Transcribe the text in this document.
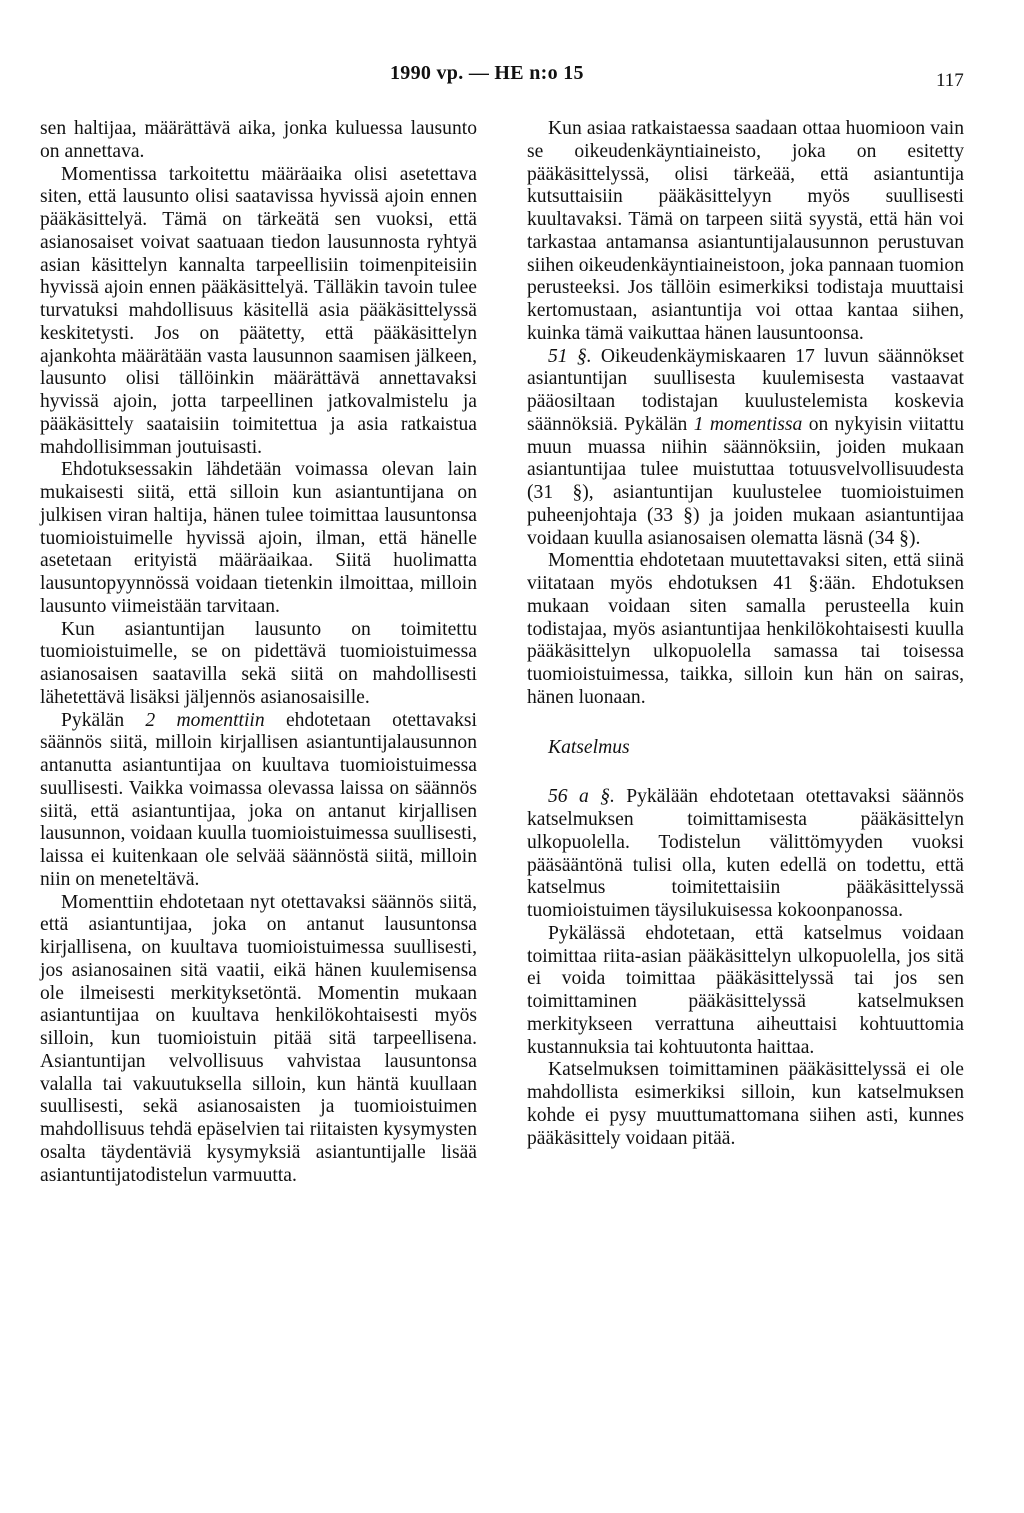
1990 vp. — HE n:o 15	117

sen haltijaa, määrättävä aika, jonka kuluessa lausunto on annettava.

Momentissa tarkoitettu määräaika olisi asetettava siten, että lausunto olisi saatavissa hyvissä ajoin ennen pääkäsittelyä. Tämä on tärkeätä sen vuoksi, että asianosaiset voivat saatuaan tiedon lausunnosta ryhtyä asian käsittelyn kannalta tarpeellisiin toimenpiteisiin hyvissä ajoin ennen pääkäsittelyä. Tälläkin tavoin tulee turvatuksi mahdollisuus käsitellä asia pääkäsittelyssä keskitetysti. Jos on päätetty, että pääkäsittelyn ajankohta määrätään vasta lausunnon saamisen jälkeen, lausunto olisi tällöinkin määrättävä annettavaksi hyvissä ajoin, jotta tarpeellinen jatkovalmistelu ja pääkäsittely saataisiin toimitettua ja asia ratkaistua mahdollisimman joutuisasti.

Ehdotuksessakin lähdetään voimassa olevan lain mukaisesti siitä, että silloin kun asiantuntijana on julkisen viran haltija, hänen tulee toimittaa lausuntonsa tuomioistuimelle hyvissä ajoin, ilman, että hänelle asetetaan erityistä määräaikaa. Siitä huolimatta lausuntopyynnössä voidaan tietenkin ilmoittaa, milloin lausunto viimeistään tarvitaan.

Kun asiantuntijan lausunto on toimitettu tuomioistuimelle, se on pidettävä tuomioistuimessa asianosaisen saatavilla sekä siitä on mahdollisesti lähetettävä lisäksi jäljennös asianosaisille.

Pykälän 2 momenttiin ehdotetaan otettavaksi säännös siitä, milloin kirjallisen asiantuntijalausunnon antanutta asiantuntijaa on kuultava tuomioistuimessa suullisesti. Vaikka voimassa olevassa laissa on säännös siitä, että asiantuntijaa, joka on antanut kirjallisen lausunnon, voidaan kuulla tuomioistuimessa suullisesti, laissa ei kuitenkaan ole selvää säännöstä siitä, milloin niin on meneteltävä.

Momenttiin ehdotetaan nyt otettavaksi säännös siitä, että asiantuntijaa, joka on antanut lausuntonsa kirjallisena, on kuultava tuomioistuimessa suullisesti, jos asianosainen sitä vaatii, eikä hänen kuulemisensa ole ilmeisesti merkityksetöntä. Momentin mukaan asiantuntijaa on kuultava henkilökohtaisesti myös silloin, kun tuomioistuin pitää sitä tarpeellisena. Asiantuntijan velvollisuus vahvistaa lausuntonsa valalla tai vakuutuksella silloin, kun häntä kuullaan suullisesti, sekä asianosaisten ja tuomioistuimen mahdollisuus tehdä epäselvien tai riitaisten kysymysten osalta täydentäviä kysymyksiä asiantuntijalle lisää asiantuntijatodistelun varmuutta.

Kun asiaa ratkaistaessa saadaan ottaa huomioon vain se oikeudenkäyntiaineisto, joka on esitetty pääkäsittelyssä, olisi tärkeää, että asiantuntija kutsuttaisiin pääkäsittelyyn myös suullisesti kuultavaksi. Tämä on tarpeen siitä syystä, että hän voi tarkastaa antamansa asiantuntijalausunnon perustuvan siihen oikeudenkäyntiaineistoon, joka pannaan tuomion perusteeksi. Jos tällöin esimerkiksi todistaja muuttaisi kertomustaan, asiantuntija voi ottaa kantaa siihen, kuinka tämä vaikuttaa hänen lausuntoonsa.

51 §. Oikeudenkäymiskaaren 17 luvun säännökset asiantuntijan suullisesta kuulemisesta vastaavat pääosiltaan todistajan kuulustelemista koskevia säännöksiä. Pykälän 1 momentissa on nykyisin viitattu muun muassa niihin säännöksiin, joiden mukaan asiantuntijaa tulee muistuttaa totuusvelvollisuudesta (31 §), asiantuntijan kuulustelee tuomioistuimen puheenjohtaja (33 §) ja joiden mukaan asiantuntijaa voidaan kuulla asianosaisen olematta läsnä (34 §).

Momenttia ehdotetaan muutettavaksi siten, että siinä viitataan myös ehdotuksen 41 §:ään. Ehdotuksen mukaan voidaan siten samalla perusteella kuin todistajaa, myös asiantuntijaa henkilökohtaisesti kuulla pääkäsittelyn ulkopuolella samassa tai toisessa tuomioistuimessa, taikka, silloin kun hän on sairas, hänen luonaan.

Katselmus

56 a §. Pykälään ehdotetaan otettavaksi säännös katselmuksen toimittamisesta pääkäsittelyn ulkopuolella. Todistelun välittömyyden vuoksi pääsääntönä tulisi olla, kuten edellä on todettu, että katselmus toimitettaisiin pääkäsittelyssä tuomioistuimen täysilukuisessa kokoonpanossa.

Pykälässä ehdotetaan, että katselmus voidaan toimittaa riita-asian pääkäsittelyn ulkopuolella, jos sitä ei voida toimittaa pääkäsittelyssä tai jos sen toimittaminen pääkäsittelyssä katselmuksen merkitykseen verrattuna aiheuttaisi kohtuuttomia kustannuksia tai kohtuutonta haittaa.

Katselmuksen toimittaminen pääkäsittelyssä ei ole mahdollista esimerkiksi silloin, kun katselmuksen kohde ei pysy muuttumattomana siihen asti, kunnes pääkäsittely voidaan pitää.
